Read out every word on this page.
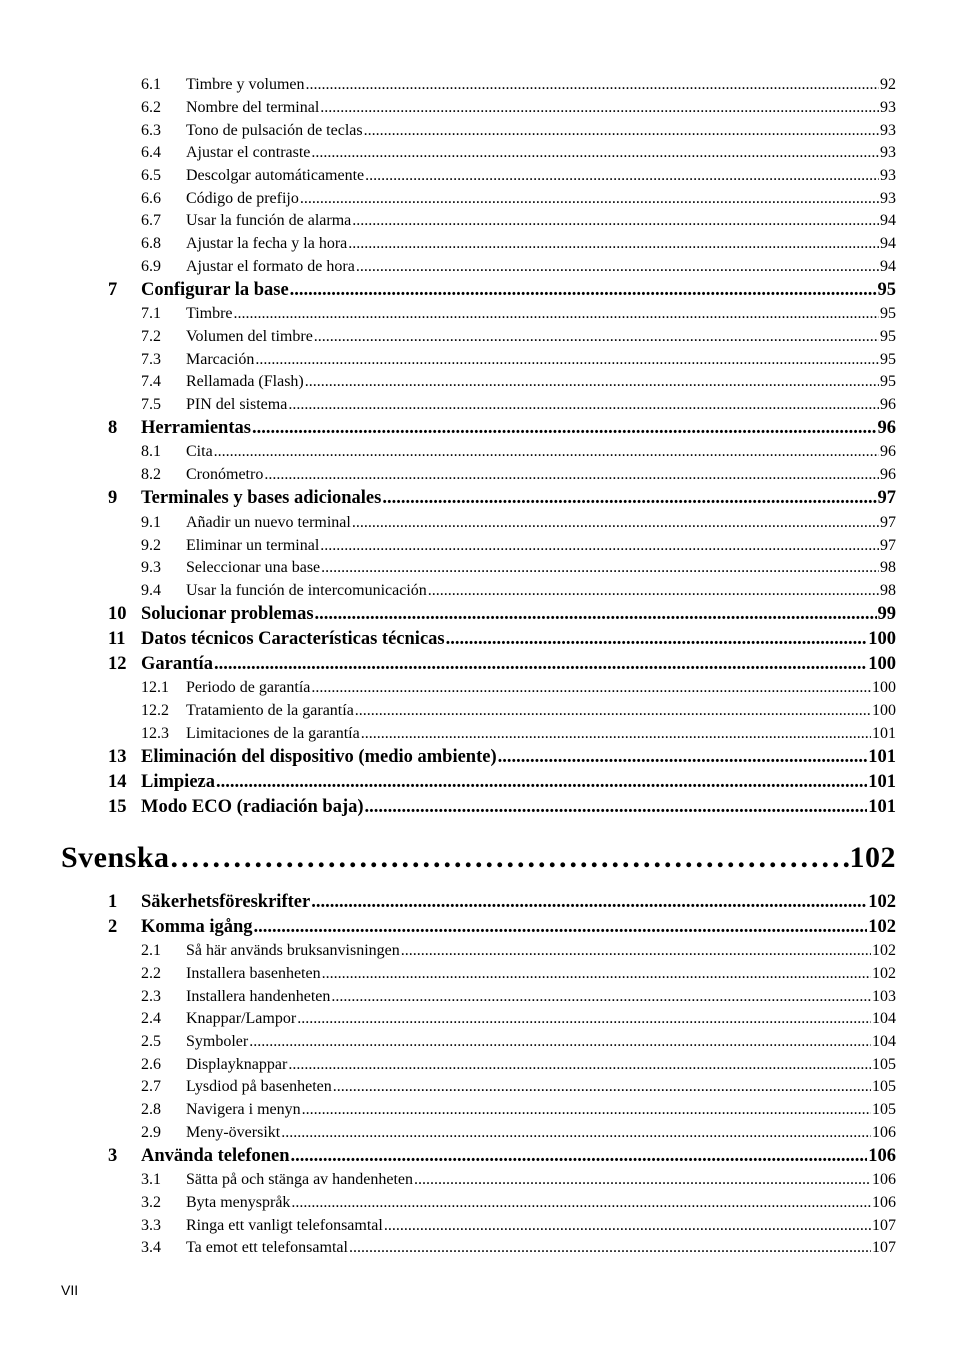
6.1 Timbre y volumen .....	92
6.2 Nombre del terminal .....	93
6.3 Tono de pulsación de teclas .....	93
6.4 Ajustar el contraste .....	93
6.5 Descolgar automáticamente .....	93
6.6 Código de prefijo .....	93
6.7 Usar la función de alarma .....	94
6.8 Ajustar la fecha y la hora .....	94
6.9 Ajustar el formato de hora .....	94
7 Configurar la base .....	95
7.1 Timbre .....	95
7.2 Volumen del timbre .....	95
7.3 Marcación .....	95
7.4 Rellamada (Flash) .....	95
7.5 PIN del sistema .....	96
8 Herramientas .....	96
8.1 Cita .....	96
8.2 Cronómetro .....	96
9 Terminales y bases adicionales .....	97
9.1 Añadir un nuevo terminal .....	97
9.2 Eliminar un terminal .....	97
9.3 Seleccionar una base .....	98
9.4 Usar la función de intercomunicación .....	98
10 Solucionar problemas .....	99
11 Datos técnicos Características técnicas .....	100
12 Garantía .....	100
12.1 Periodo de garantía .....	100
12.2 Tratamiento de la garantía .....	100
12.3 Limitaciones de la garantía .....	101
13 Eliminación del dispositivo (medio ambiente) .....	101
14 Limpieza .....	101
15 Modo ECO (radiación baja) .....	101
Svenska .....	102
1 Säkerhetsföreskrifter .....	102
2 Komma igång .....	102
2.1 Så här används bruksanvisningen .....	102
2.2 Installera basenheten .....	102
2.3 Installera handenheten .....	103
2.4 Knappar/Lampor .....	104
2.5 Symboler .....	104
2.6 Displayknappar .....	105
2.7 Lysdiod på basenheten .....	105
2.8 Navigera i menyn .....	105
2.9 Meny-översikt .....	106
3 Använda telefonen .....	106
3.1 Sätta på och stänga av handenheten .....	106
3.2 Byta menyspråk .....	106
3.3 Ringa ett vanligt telefonsamtal .....	107
3.4 Ta emot ett telefonsamtal .....	107
VII
